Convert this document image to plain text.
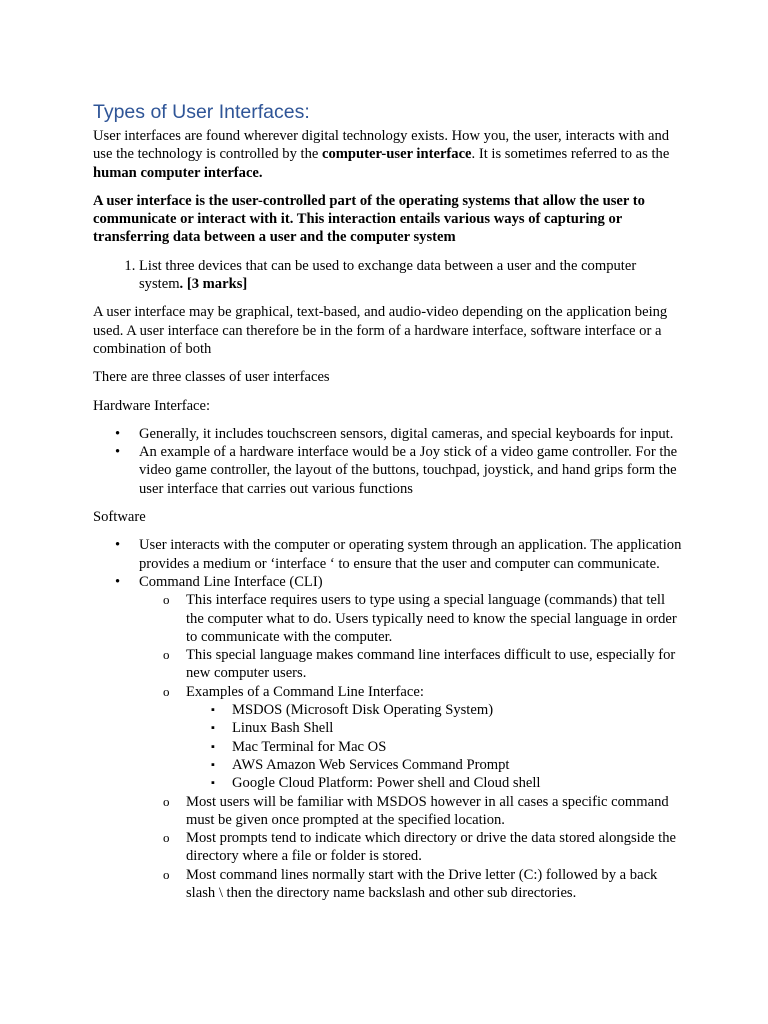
Types of User Interfaces:

User interfaces are found wherever digital technology exists. How you, the user, interacts with and use the technology is controlled by the computer-user interface. It is sometimes referred to as the human computer interface.

A user interface is the user-controlled part of the operating systems that allow the user to communicate or interact with it. This interaction entails various ways of capturing or transferring data between a user and the computer system

1. List three devices that can be used to exchange data between a user and the computer system. [3 marks]

A user interface may be graphical, text-based, and audio-video depending on the application being used. A user interface can therefore be in the form of a hardware interface, software interface or a combination of both

There are three classes of user interfaces

Hardware Interface:

• Generally, it includes touchscreen sensors, digital cameras, and special keyboards for input.
• An example of a hardware interface would be a Joy stick of a video game controller. For the video game controller, the layout of the buttons, touchpad, joystick, and hand grips form the user interface that carries out various functions

Software

• User interacts with the computer or operating system through an application. The application provides a medium or ‘interface ‘ to ensure that the user and computer can communicate.
• Command Line Interface (CLI)
o This interface requires users to type using a special language (commands) that tell the computer what to do. Users typically need to know the special language in order to communicate with the computer.
o This special language makes command line interfaces difficult to use, especially for new computer users.
o Examples of a Command Line Interface:
▪ MSDOS (Microsoft Disk Operating System)
▪ Linux Bash Shell
▪ Mac Terminal for Mac OS
▪ AWS Amazon Web Services Command Prompt
▪ Google Cloud Platform: Power shell and Cloud shell
o Most users will be familiar with MSDOS however in all cases a specific command must be given once prompted at the specified location.
o Most prompts tend to indicate which directory or drive the data stored alongside the directory where a file or folder is stored.
o Most command lines normally start with the Drive letter (C:) followed by a back slash \ then the directory name backslash and other sub directories.
